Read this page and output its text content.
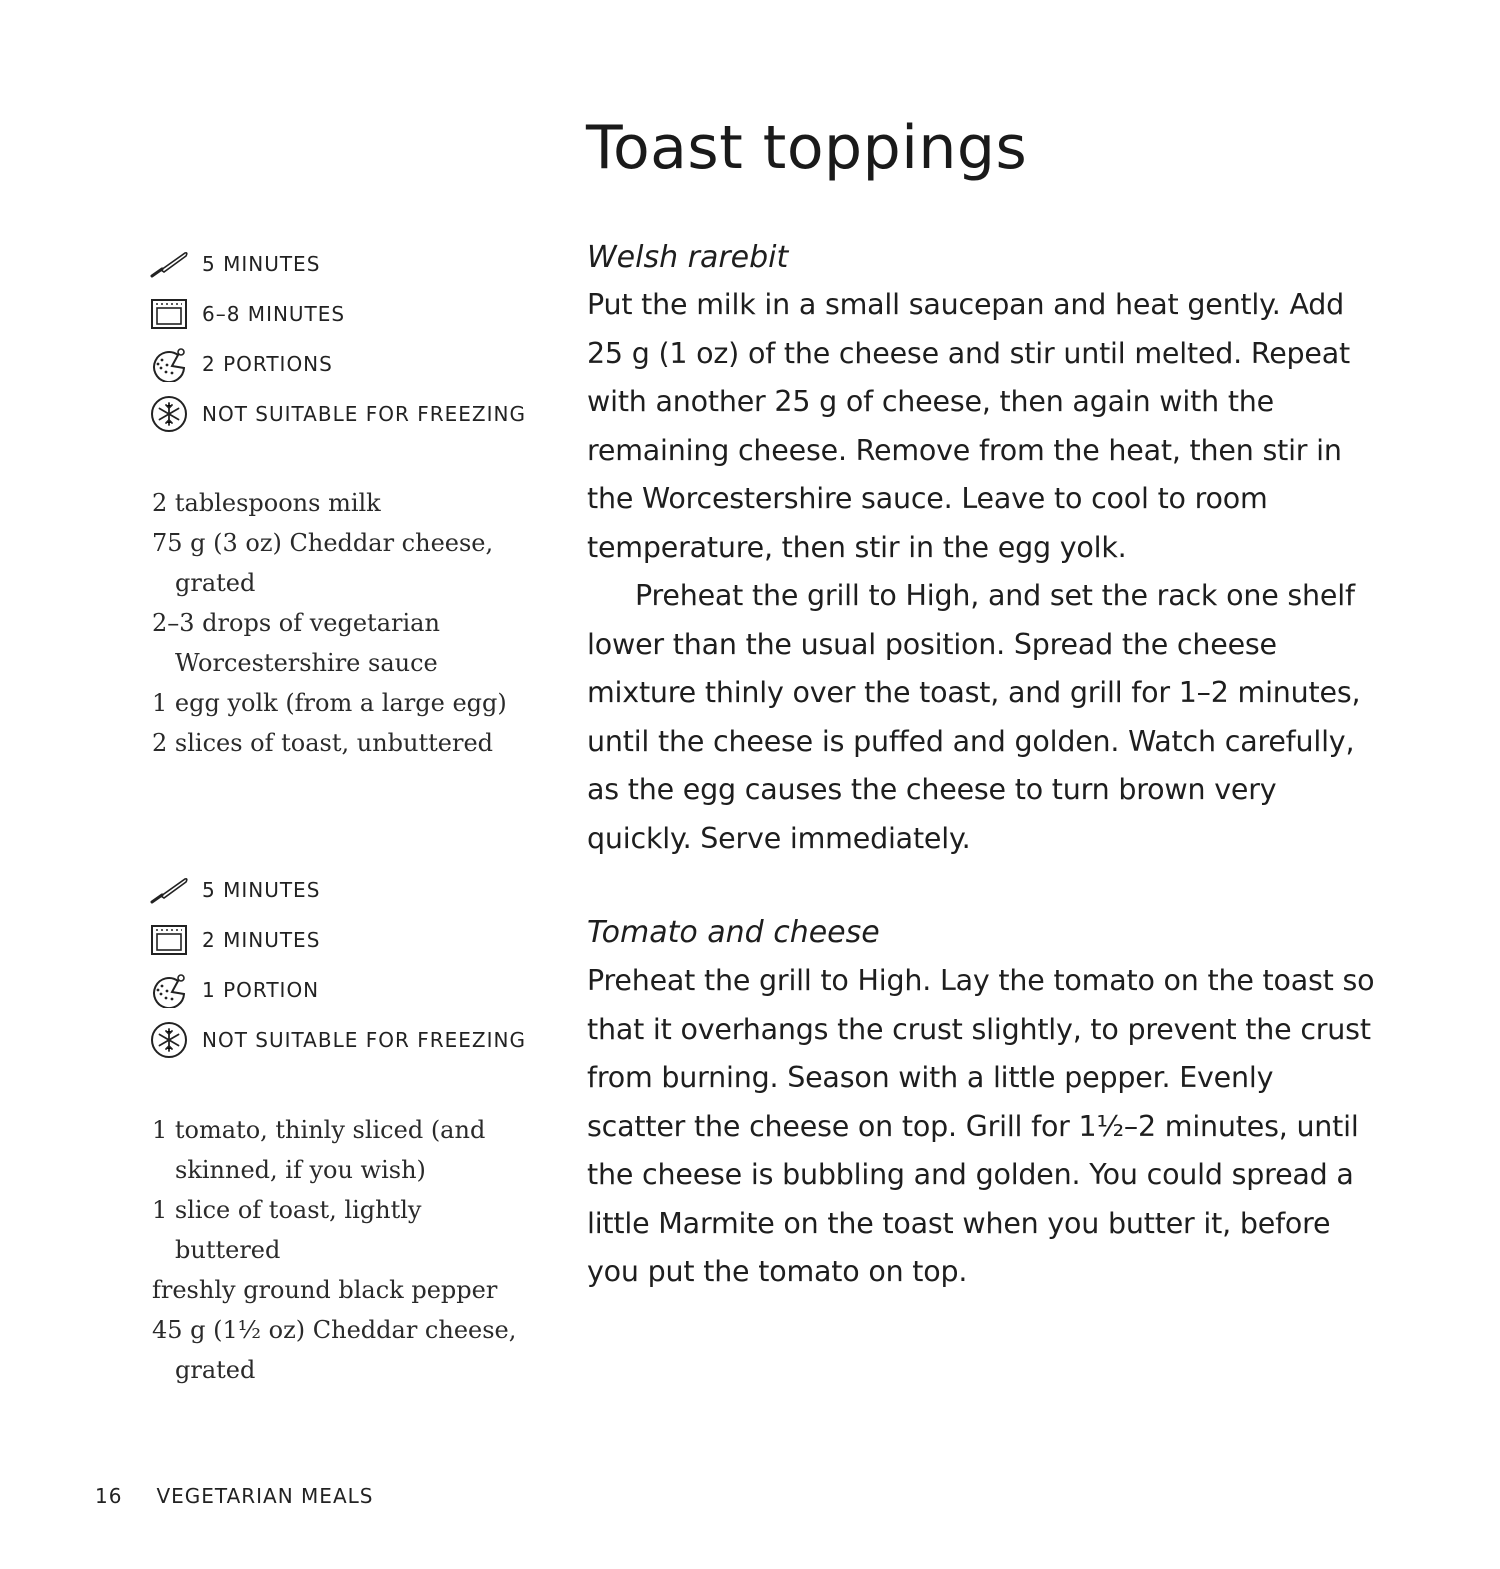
Toast toppings
5 MINUTES
6–8 MINUTES
2 PORTIONS
NOT SUITABLE FOR FREEZING
2 tablespoons milk
75 g (3 oz) Cheddar cheese, grated
2–3 drops of vegetarian Worcestershire sauce
1 egg yolk (from a large egg)
2 slices of toast, unbuttered
Welsh rarebit

Put the milk in a small saucepan and heat gently. Add 25 g (1 oz) of the cheese and stir until melted. Repeat with another 25 g of cheese, then again with the remaining cheese. Remove from the heat, then stir in the Worcestershire sauce. Leave to cool to room temperature, then stir in the egg yolk.

Preheat the grill to High, and set the rack one shelf lower than the usual position. Spread the cheese mixture thinly over the toast, and grill for 1–2 minutes, until the cheese is puffed and golden. Watch carefully, as the egg causes the cheese to turn brown very quickly. Serve immediately.

5 MINUTES
2 MINUTES
1 PORTION
NOT SUITABLE FOR FREEZING
1 tomato, thinly sliced (and skinned, if you wish)
1 slice of toast, lightly buttered
freshly ground black pepper
45 g (1½ oz) Cheddar cheese, grated
Tomato and cheese

Preheat the grill to High. Lay the tomato on the toast so that it overhangs the crust slightly, to prevent the crust from burning. Season with a little pepper. Evenly scatter the cheese on top. Grill for 1½–2 minutes, until the cheese is bubbling and golden. You could spread a little Marmite on the toast when you butter it, before you put the tomato on top.

16 VEGETARIAN MEALS
